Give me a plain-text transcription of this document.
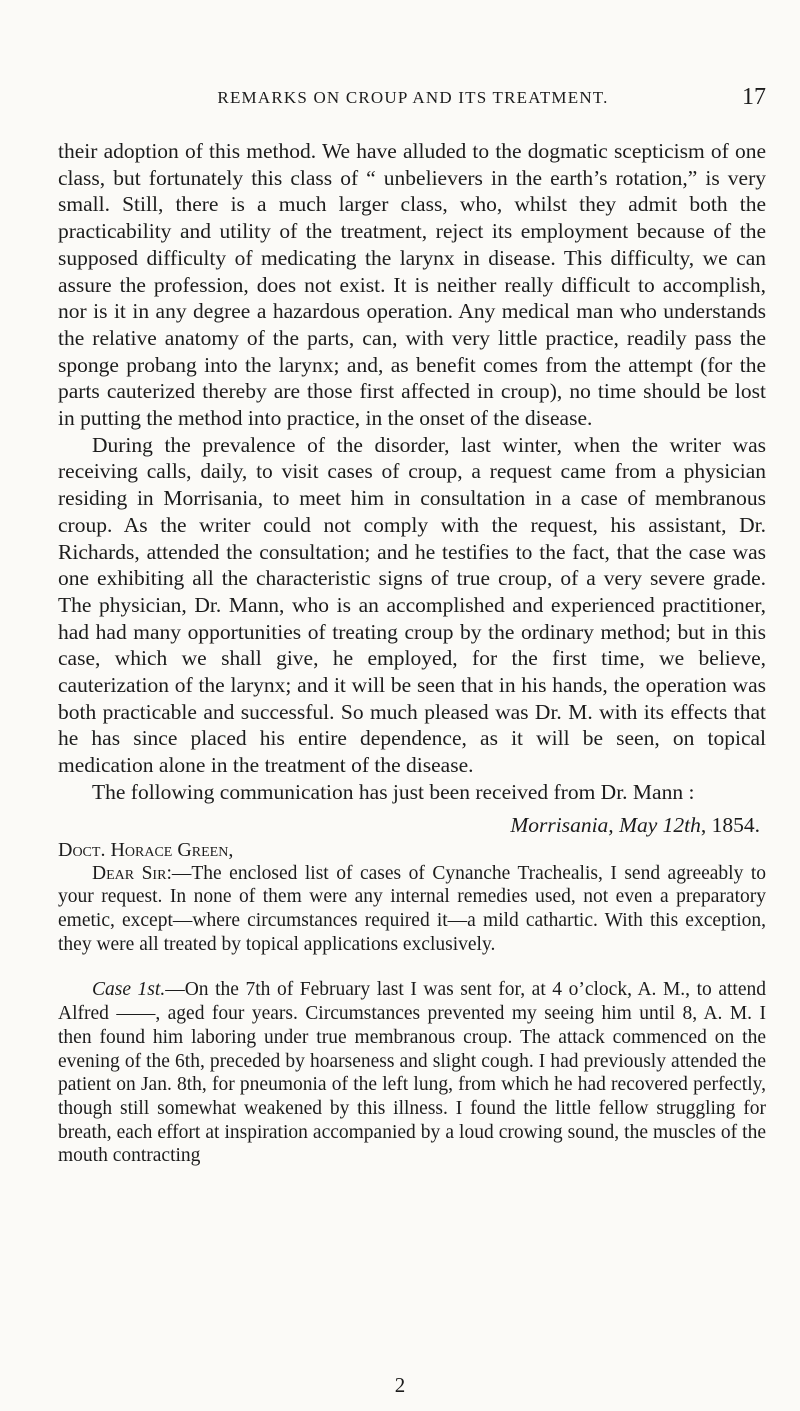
REMARKS ON CROUP AND ITS TREATMENT.	17

their adoption of this method. We have alluded to the dogmatic scepticism of one class, but fortunately this class of “ unbelievers in the earth’s rotation,” is very small. Still, there is a much larger class, who, whilst they admit both the practicability and utility of the treatment, reject its employment because of the supposed difficulty of medicating the larynx in disease. This difficulty, we can assure the profession, does not exist. It is neither really difficult to accomplish, nor is it in any degree a hazardous operation. Any medical man who understands the relative anatomy of the parts, can, with very little practice, readily pass the sponge probang into the larynx; and, as benefit comes from the attempt (for the parts cauterized thereby are those first affected in croup), no time should be lost in putting the method into practice, in the onset of the disease.

During the prevalence of the disorder, last winter, when the writer was receiving calls, daily, to visit cases of croup, a request came from a physician residing in Morrisania, to meet him in consultation in a case of membranous croup. As the writer could not comply with the request, his assistant, Dr. Richards, attended the consultation; and he testifies to the fact, that the case was one exhibiting all the characteristic signs of true croup, of a very severe grade. The physician, Dr. Mann, who is an accomplished and experienced practitioner, had had many opportunities of treating croup by the ordinary method; but in this case, which we shall give, he employed, for the first time, we believe, cauterization of the larynx; and it will be seen that in his hands, the operation was both practicable and successful. So much pleased was Dr. M. with its effects that he has since placed his entire dependence, as it will be seen, on topical medication alone in the treatment of the disease.

The following communication has just been received from Dr. Mann :

Morrisania, May 12th, 1854.

Doct. Horace Green,

Dear Sir:—The enclosed list of cases of Cynanche Trachealis, I send agreeably to your request. In none of them were any internal remedies used, not even a preparatory emetic, except—where circumstances required it—a mild cathartic. With this exception, they were all treated by topical applications exclusively.

Case 1st.—On the 7th of February last I was sent for, at 4 o’clock, A. M., to attend Alfred ——, aged four years. Circumstances prevented my seeing him until 8, A. M. I then found him laboring under true membranous croup. The attack commenced on the evening of the 6th, preceded by hoarseness and slight cough. I had previously attended the patient on Jan. 8th, for pneumonia of the left lung, from which he had recovered perfectly, though still somewhat weakened by this illness. I found the little fellow struggling for breath, each effort at inspiration accompanied by a loud crowing sound, the muscles of the mouth contracting

2
